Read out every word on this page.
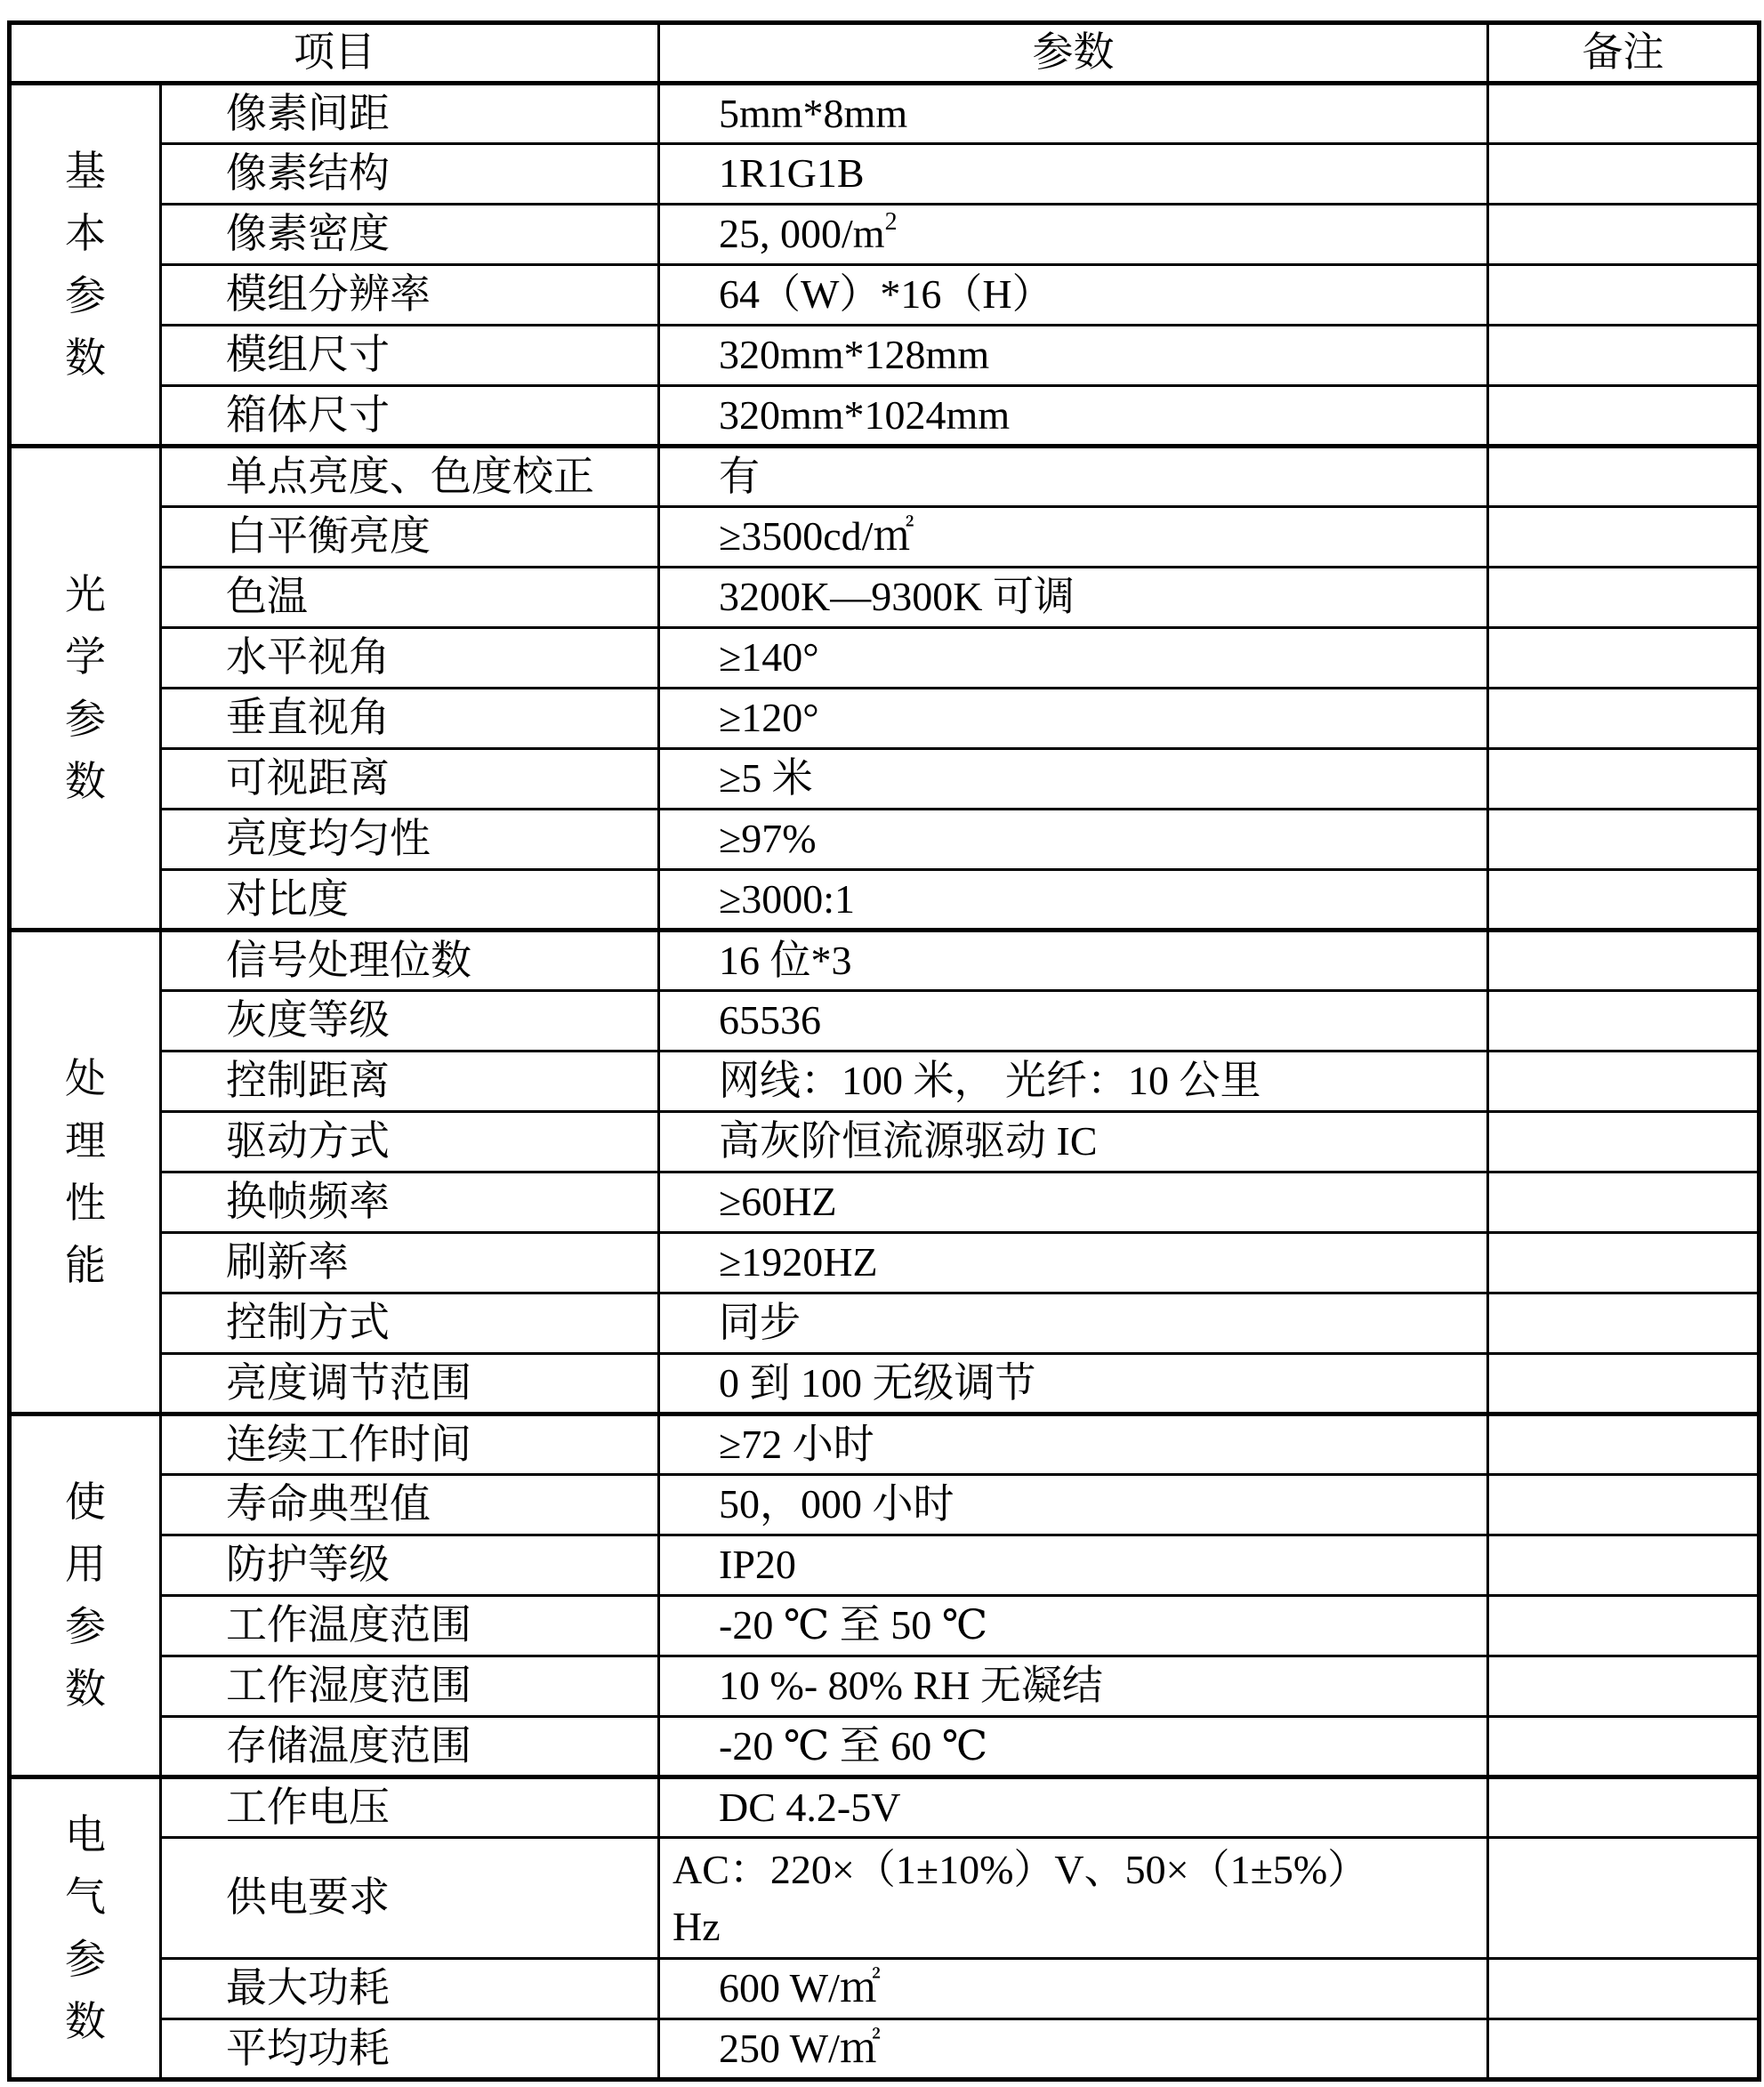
项目		参数	备注

基
本
参
数	像素间距	5mm*8mm	
	像素结构	1R1G1B	
	像素密度	25, $000/m^2$	
	模组分辨率	64（W）*16（H）	
	模组尺寸	320mm*128mm	
	箱体尺寸	320mm*1024mm	

光
学
参
数	单点亮度、色度校正	有	
	白平衡亮度	≥3500cd/㎡	
	色温	3200K—9300K 可调	
	水平视角	≥140°	
	垂直视角	≥120°	
	可视距离	≥5 米	
	亮度均匀性	≥97%	
	对比度	≥3000:1	

处
理
性
能	信号处理位数	16 位*3	
	灰度等级	65536	
	控制距离	网线：100 米， 光纤：10 公里	
	驱动方式	高灰阶恒流源驱动 IC	
	换帧频率	≥60HZ	
	刷新率	≥1920HZ	
	控制方式	同步	
	亮度调节范围	0 到 100 无级调节	

使
用
参
数	连续工作时间	≥72 小时	
	寿命典型值	50，000 小时	
	防护等级	IP20	
	工作温度范围	-20 ℃ 至 50 ℃	
	工作湿度范围	10 %- 80% RH 无凝结	
	存储温度范围	-20 ℃ 至 60 ℃	

电
气
参
数	工作电压	DC 4.2-5V	
	供电要求	AC：220×（1±10%）V、50×（1±5%）
Hz	

	最大功耗	600 W/㎡	
	平均功耗	250 W/㎡	
